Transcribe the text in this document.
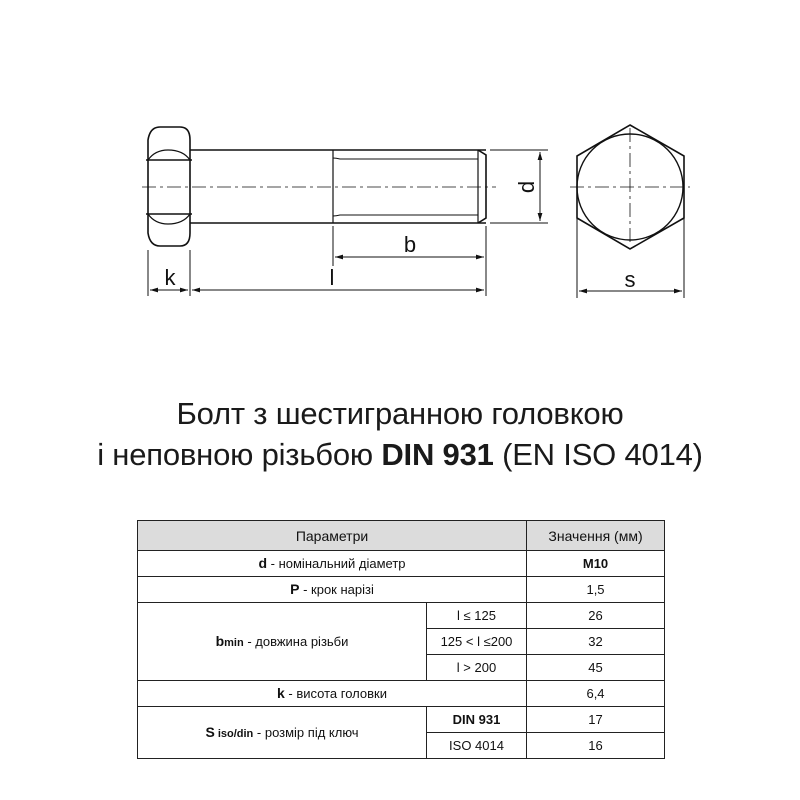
d
b
k	l	s
Болт з шестигранною головкою
і неповною різьбою DIN 931 (EN ISO 4014)
Параметри		Значення (мм)
d - номінальний діаметр		M10
P - крок нарізі		1,5
bmin - довжина різьби	l ≤ 125	26
	125 < l ≤200	32
	l > 200	45
k - висота головки		6,4
S iso/din - розмір під ключ	DIN 931	17
	ISO 4014	16
